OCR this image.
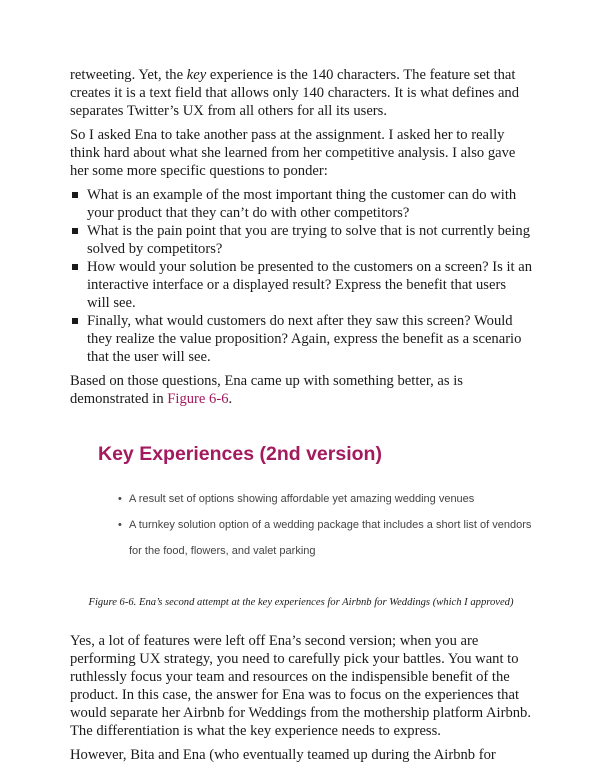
retweeting. Yet, the key experience is the 140 characters. The feature set that creates it is a text field that allows only 140 characters. It is what defines and separates Twitter’s UX from all others for all its users.

So I asked Ena to take another pass at the assignment. I asked her to really think hard about what she learned from her competitive analysis. I also gave her some more specific questions to ponder:

What is an example of the most important thing the customer can do with your product that they can’t do with other competitors?
What is the pain point that you are trying to solve that is not currently being solved by competitors?
How would your solution be presented to the customers on a screen? Is it an interactive interface or a displayed result? Express the benefit that users will see.
Finally, what would customers do next after they saw this screen? Would they realize the value proposition? Again, express the benefit as a scenario that the user will see.

Based on those questions, Ena came up with something better, as is demonstrated in Figure 6-6.

Key Experiences (2nd version)
• A result set of options showing affordable yet amazing wedding venues
• A turnkey solution option of a wedding package that includes a short list of vendors for the food, flowers, and valet parking

Figure 6-6. Ena’s second attempt at the key experiences for Airbnb for Weddings (which I approved)

Yes, a lot of features were left off Ena’s second version; when you are performing UX strategy, you need to carefully pick your battles. You want to ruthlessly focus your team and resources on the indispensible benefit of the product. In this case, the answer for Ena was to focus on the experiences that would separate her Airbnb for Weddings from the mothership platform Airbnb. The differentiation is what the key experience needs to express.

However, Bita and Ena (who eventually teamed up during the Airbnb for
